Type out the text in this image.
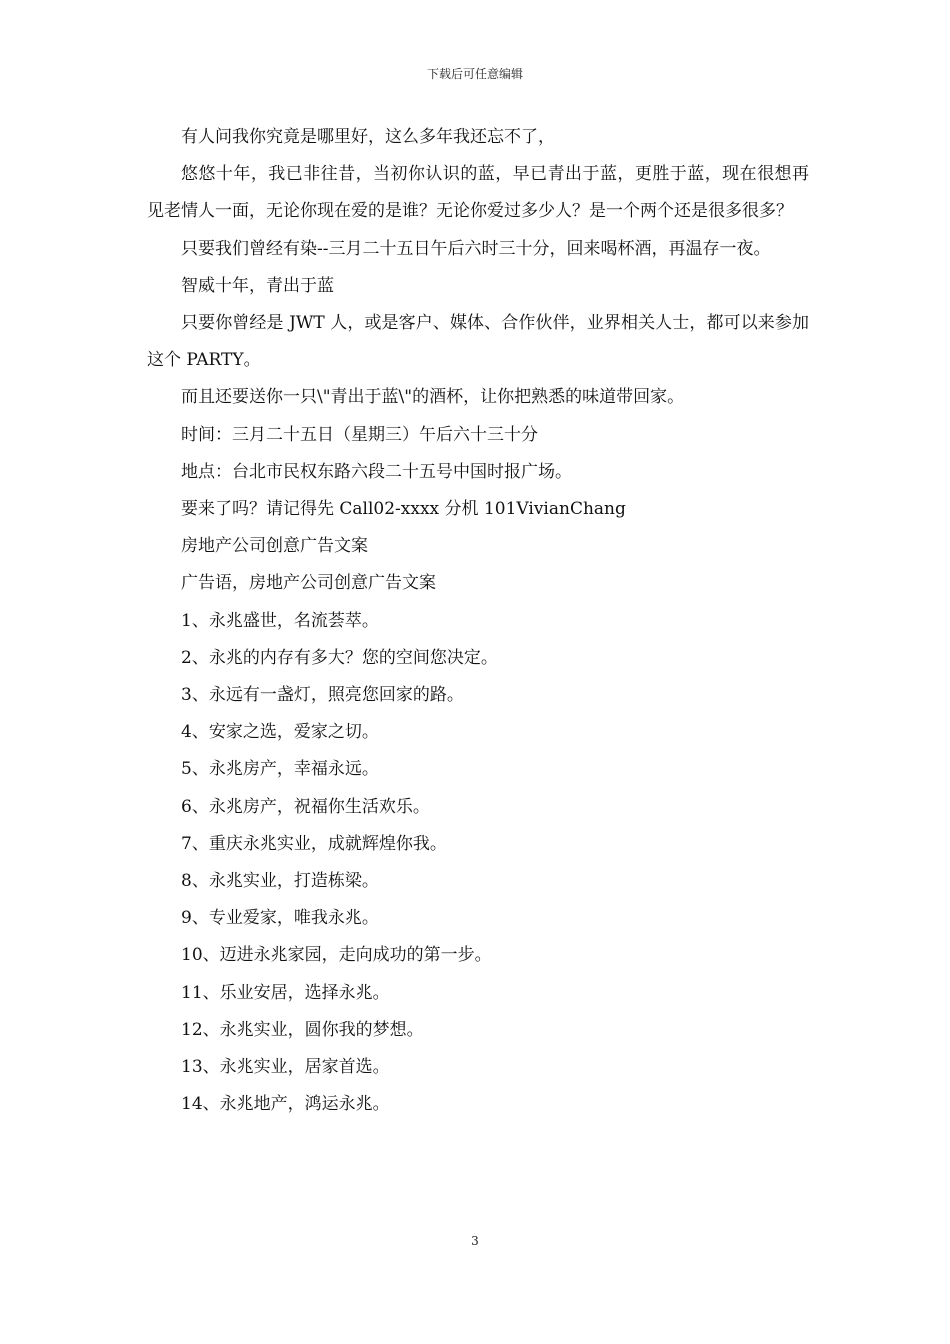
下载后可任意编辑

有人问我你究竟是哪里好，这么多年我还忘不了，

悠悠十年，我已非往昔，当初你认识的蓝，早已青出于蓝，更胜于蓝，现在很想再见老情人一面，无论你现在爱的是谁？无论你爱过多少人？是一个两个还是很多很多？

只要我们曾经有染--三月二十五日午后六时三十分，回来喝杯酒，再温存一夜。

智威十年，青出于蓝

只要你曾经是 JWT 人，或是客户、媒体、合作伙伴，业界相关人士，都可以来参加这个 PARTY。

而且还要送你一只\"青出于蓝\"的酒杯，让你把熟悉的味道带回家。

时间：三月二十五日（星期三）午后六十三十分

地点：台北市民权东路六段二十五号中国时报广场。

要来了吗？请记得先 Call02-xxxx 分机 101VivianChang

房地产公司创意广告文案

广告语，房地产公司创意广告文案

1、永兆盛世，名流荟萃。

2、永兆的内存有多大？您的空间您决定。

3、永远有一盏灯，照亮您回家的路。

4、安家之选，爱家之切。

5、永兆房产，幸福永远。

6、永兆房产，祝福你生活欢乐。

7、重庆永兆实业，成就辉煌你我。

8、永兆实业，打造栋梁。

9、专业爱家，唯我永兆。

10、迈进永兆家园，走向成功的第一步。

11、乐业安居，选择永兆。

12、永兆实业，圆你我的梦想。

13、永兆实业，居家首选。

14、永兆地产，鸿运永兆。

3
